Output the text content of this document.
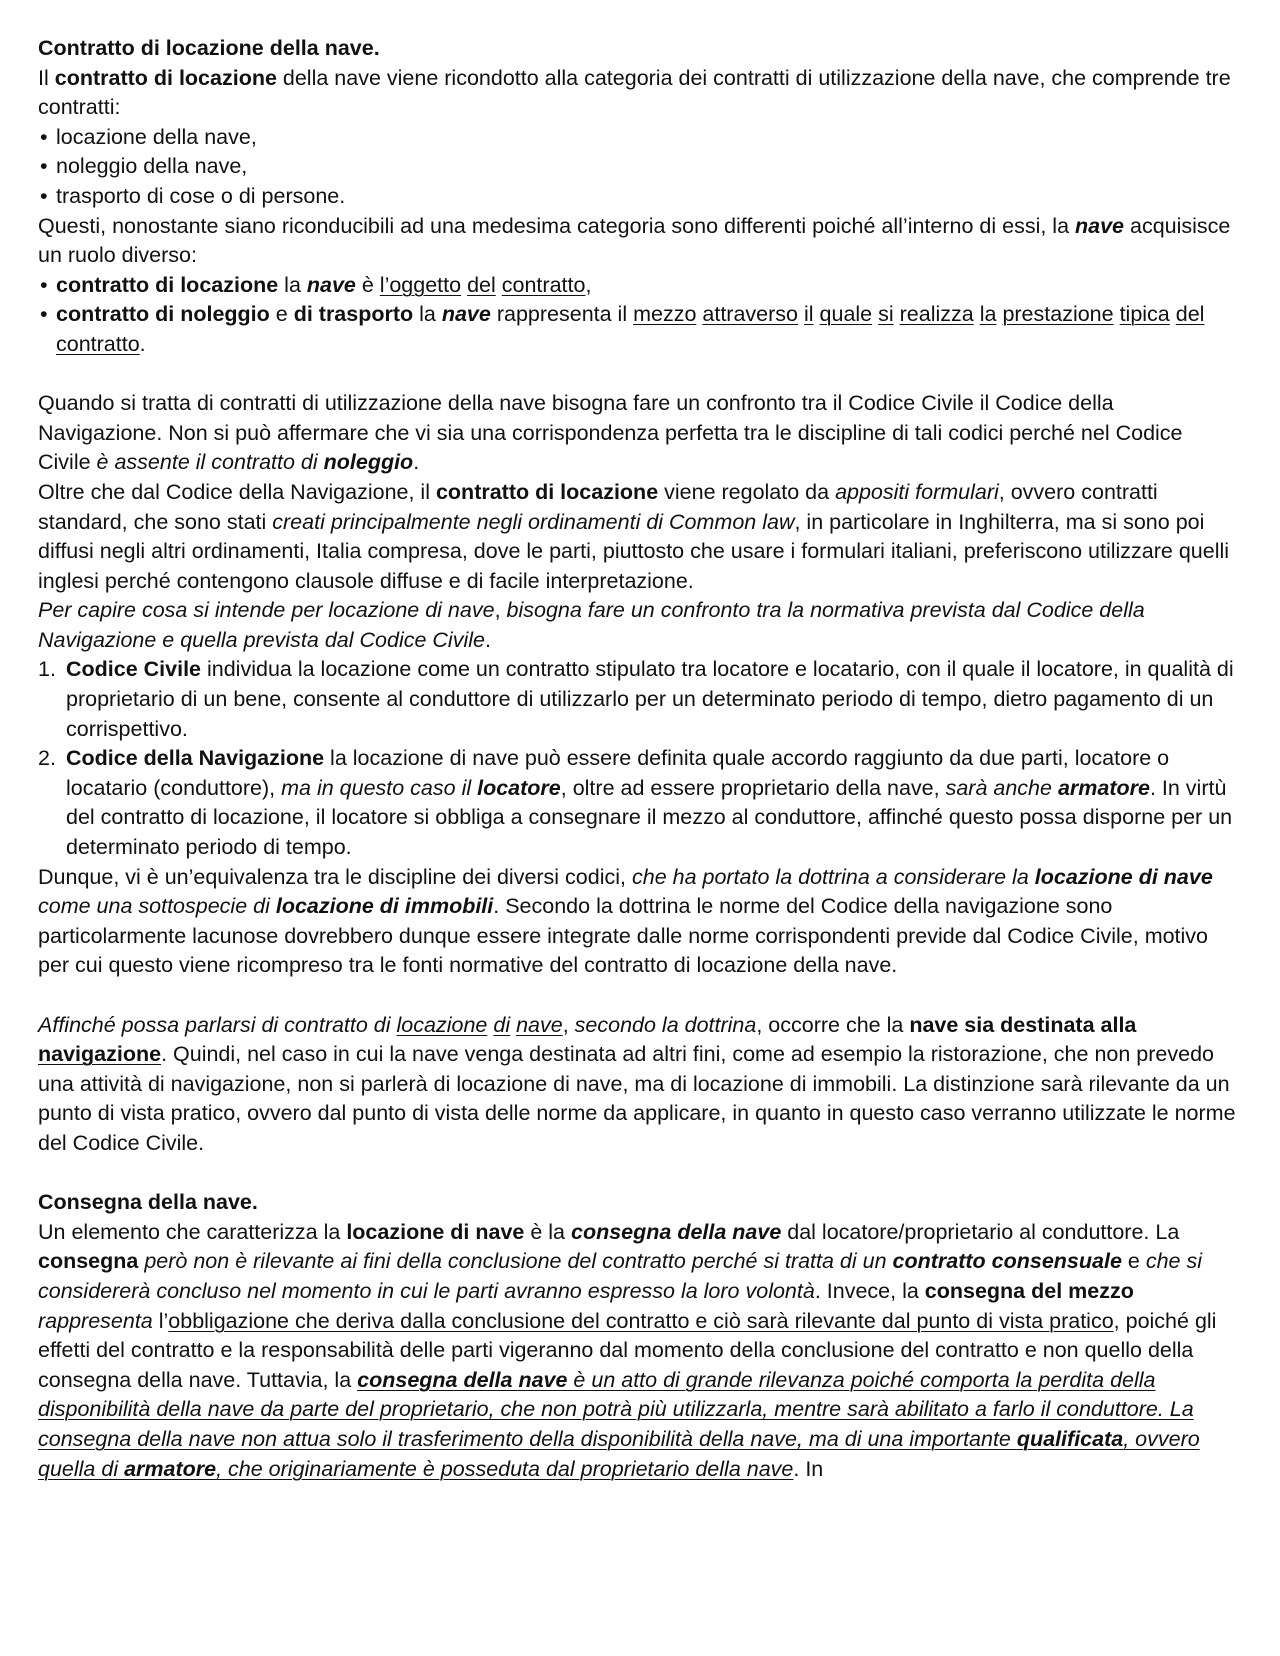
Contratto di locazione della nave.

Il contratto di locazione della nave viene ricondotto alla categoria dei contratti di utilizzazione della nave, che comprende tre contratti:

• locazione della nave,

• noleggio della nave,

• trasporto di cose o di persone.

Questi, nonostante siano riconducibili ad una medesima categoria sono differenti poiché all’interno di essi, la nave acquisisce un ruolo diverso:

• contratto di locazione la nave è l’oggetto del contratto,

• contratto di noleggio e di trasporto la nave rappresenta il mezzo attraverso il quale si realizza la prestazione tipica del contratto.

Quando si tratta di contratti di utilizzazione della nave bisogna fare un confronto tra il Codice Civile il Codice della Navigazione. Non si può affermare che vi sia una corrispondenza perfetta tra le discipline di tali codici perché nel Codice Civile è assente il contratto di noleggio.

Oltre che dal Codice della Navigazione, il contratto di locazione viene regolato da appositi formulari, ovvero contratti standard, che sono stati creati principalmente negli ordinamenti di Common law, in particolare in Inghilterra, ma si sono poi diffusi negli altri ordinamenti, Italia compresa, dove le parti, piuttosto che usare i formulari italiani, preferiscono utilizzare quelli inglesi perché contengono clausole diffuse e di facile interpretazione.

Per capire cosa si intende per locazione di nave, bisogna fare un confronto tra la normativa prevista dal Codice della Navigazione e quella prevista dal Codice Civile.

1. Codice Civile individua la locazione come un contratto stipulato tra locatore e locatario, con il quale il locatore, in qualità di proprietario di un bene, consente al conduttore di utilizzarlo per un determinato periodo di tempo, dietro pagamento di un corrispettivo.

2. Codice della Navigazione la locazione di nave può essere definita quale accordo raggiunto da due parti, locatore o locatario (conduttore), ma in questo caso il locatore, oltre ad essere proprietario della nave, sarà anche armatore. In virtù del contratto di locazione, il locatore si obbliga a consegnare il mezzo al conduttore, affinché questo possa disporne per un determinato periodo di tempo.

Dunque, vi è un’equivalenza tra le discipline dei diversi codici, che ha portato la dottrina a considerare la locazione di nave come una sottospecie di locazione di immobili. Secondo la dottrina le norme del Codice della navigazione sono particolarmente lacunose dovrebbero dunque essere integrate dalle norme corrispondenti previde dal Codice Civile, motivo per cui questo viene ricompreso tra le fonti normative del contratto di locazione della nave.

Affinché possa parlarsi di contratto di locazione di nave, secondo la dottrina, occorre che la nave sia destinata alla navigazione. Quindi, nel caso in cui la nave venga destinata ad altri fini, come ad esempio la ristorazione, che non prevedo una attività di navigazione, non si parlerà di locazione di nave, ma di locazione di immobili. La distinzione sarà rilevante da un punto di vista pratico, ovvero dal punto di vista delle norme da applicare, in quanto in questo caso verranno utilizzate le norme del Codice Civile.

Consegna della nave.

Un elemento che caratterizza la locazione di nave è la consegna della nave dal locatore/proprietario al conduttore. La consegna però non è rilevante ai fini della conclusione del contratto perché si tratta di un contratto consensuale e che si considererà concluso nel momento in cui le parti avranno espresso la loro volontà. Invece, la consegna del mezzo rappresenta l’obbligazione che deriva dalla conclusione del contratto e ciò sarà rilevante dal punto di vista pratico, poiché gli effetti del contratto e la responsabilità delle parti vigeranno dal momento della conclusione del contratto e non quello della consegna della nave. Tuttavia, la consegna della nave è un atto di grande rilevanza poiché comporta la perdita della disponibilità della nave da parte del proprietario, che non potrà più utilizzarla, mentre sarà abilitato a farlo il conduttore. La consegna della nave non attua solo il trasferimento della disponibilità della nave, ma di una importante qualificata, ovvero quella di armatore, che originariamente è posseduta dal proprietario della nave. In
